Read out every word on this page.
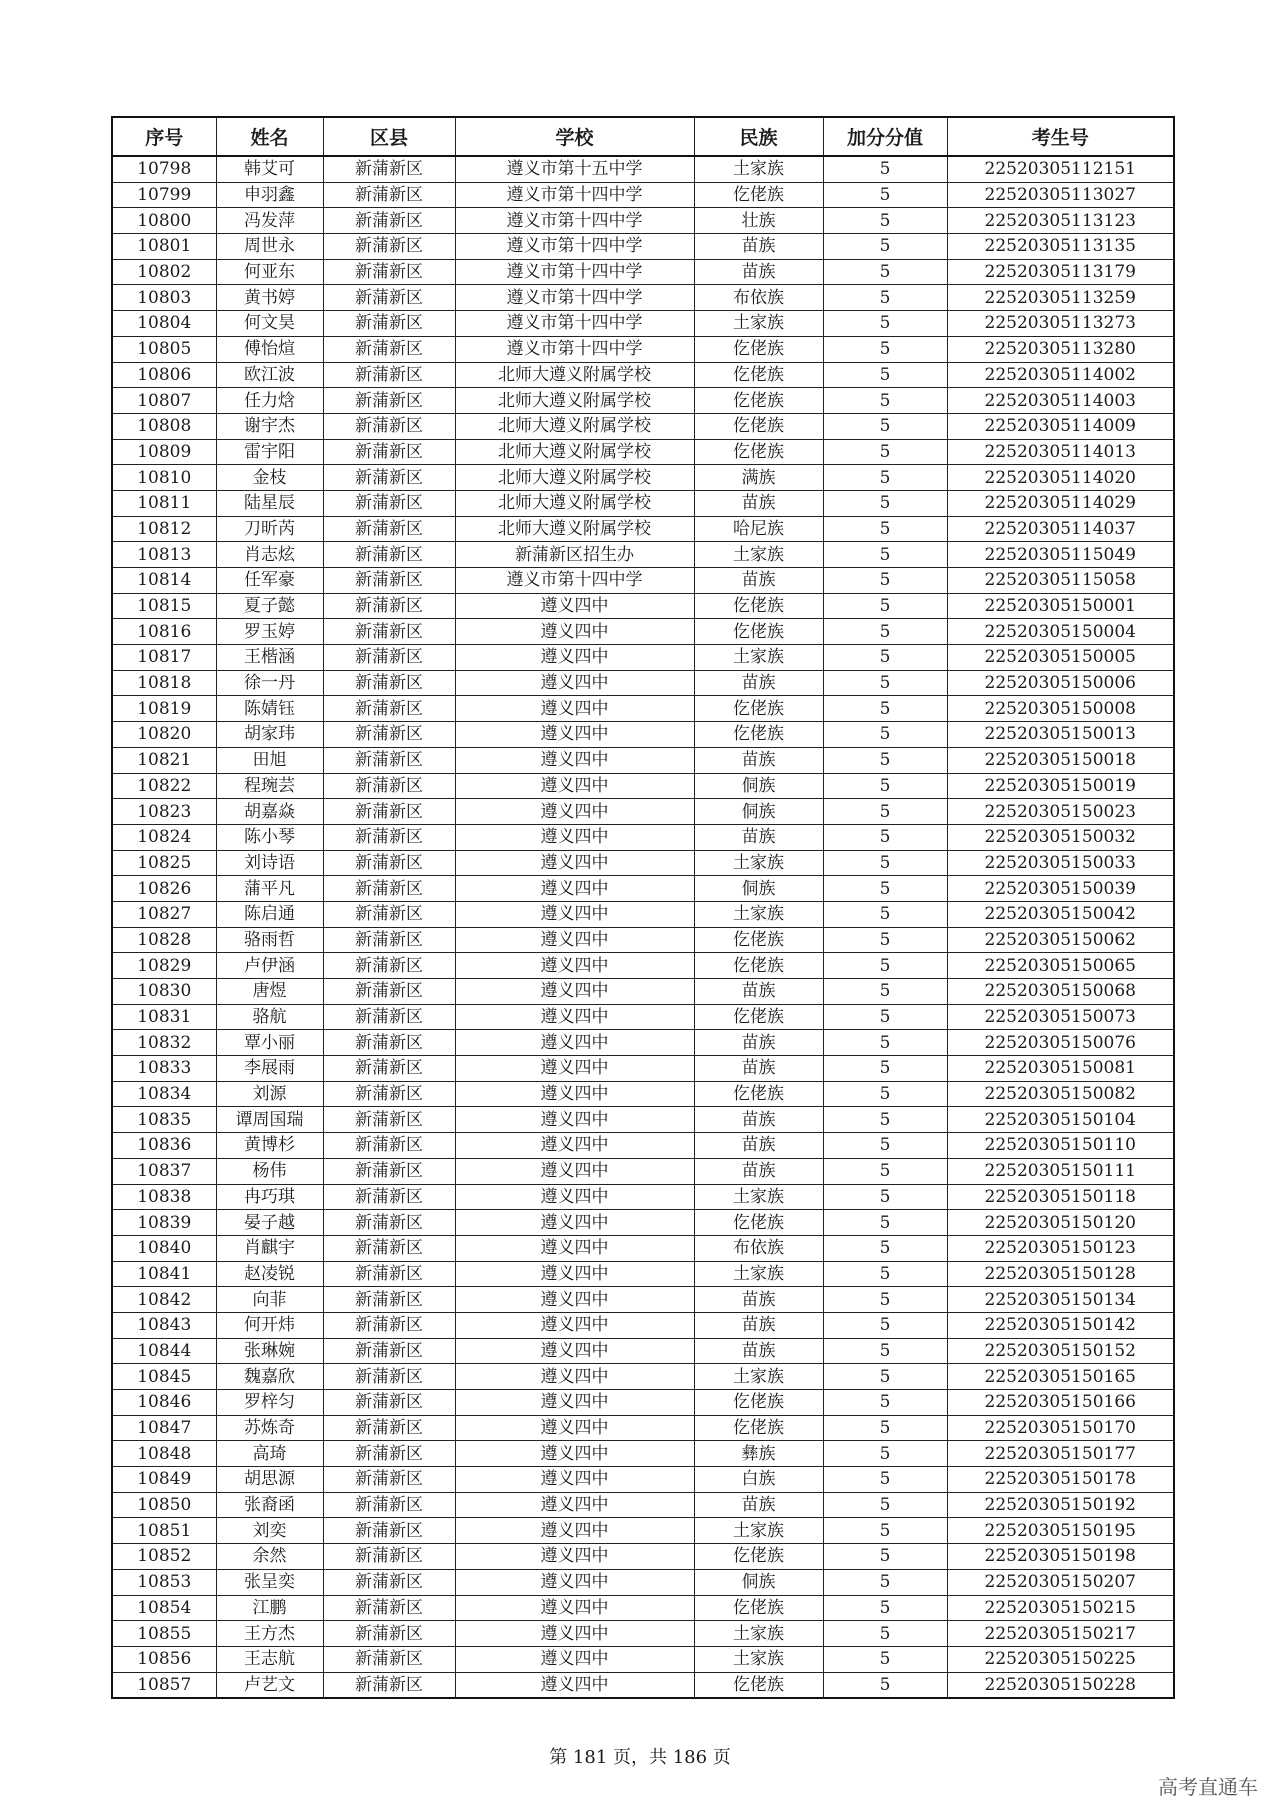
序号	姓名	区县	学校	民族	加分分值	考生号
10798	韩艾可	新蒲新区	遵义市第十五中学	土家族	5	22520305112151
10799	申羽鑫	新蒲新区	遵义市第十四中学	仡佬族	5	22520305113027
10800	冯发萍	新蒲新区	遵义市第十四中学	壮族	5	22520305113123
10801	周世永	新蒲新区	遵义市第十四中学	苗族	5	22520305113135
10802	何亚东	新蒲新区	遵义市第十四中学	苗族	5	22520305113179
10803	黄书婷	新蒲新区	遵义市第十四中学	布依族	5	22520305113259
10804	何文昊	新蒲新区	遵义市第十四中学	土家族	5	22520305113273
10805	傅怡煊	新蒲新区	遵义市第十四中学	仡佬族	5	22520305113280
10806	欧江波	新蒲新区	北师大遵义附属学校	仡佬族	5	22520305114002
10807	任力焓	新蒲新区	北师大遵义附属学校	仡佬族	5	22520305114003
10808	谢宇杰	新蒲新区	北师大遵义附属学校	仡佬族	5	22520305114009
10809	雷宇阳	新蒲新区	北师大遵义附属学校	仡佬族	5	22520305114013
10810	金枝	新蒲新区	北师大遵义附属学校	满族	5	22520305114020
10811	陆星辰	新蒲新区	北师大遵义附属学校	苗族	5	22520305114029
10812	刀昕芮	新蒲新区	北师大遵义附属学校	哈尼族	5	22520305114037
10813	肖志炫	新蒲新区	新蒲新区招生办	土家族	5	22520305115049
10814	任军豪	新蒲新区	遵义市第十四中学	苗族	5	22520305115058
10815	夏子懿	新蒲新区	遵义四中	仡佬族	5	22520305150001
10816	罗玉婷	新蒲新区	遵义四中	仡佬族	5	22520305150004
10817	王楷涵	新蒲新区	遵义四中	土家族	5	22520305150005
10818	徐一丹	新蒲新区	遵义四中	苗族	5	22520305150006
10819	陈婧钰	新蒲新区	遵义四中	仡佬族	5	22520305150008
10820	胡家玮	新蒲新区	遵义四中	仡佬族	5	22520305150013
10821	田旭	新蒲新区	遵义四中	苗族	5	22520305150018
10822	程琬芸	新蒲新区	遵义四中	侗族	5	22520305150019
10823	胡嘉焱	新蒲新区	遵义四中	侗族	5	22520305150023
10824	陈小琴	新蒲新区	遵义四中	苗族	5	22520305150032
10825	刘诗语	新蒲新区	遵义四中	土家族	5	22520305150033
10826	蒲平凡	新蒲新区	遵义四中	侗族	5	22520305150039
10827	陈启通	新蒲新区	遵义四中	土家族	5	22520305150042
10828	骆雨哲	新蒲新区	遵义四中	仡佬族	5	22520305150062
10829	卢伊涵	新蒲新区	遵义四中	仡佬族	5	22520305150065
10830	唐煜	新蒲新区	遵义四中	苗族	5	22520305150068
10831	骆航	新蒲新区	遵义四中	仡佬族	5	22520305150073
10832	覃小丽	新蒲新区	遵义四中	苗族	5	22520305150076
10833	李展雨	新蒲新区	遵义四中	苗族	5	22520305150081
10834	刘源	新蒲新区	遵义四中	仡佬族	5	22520305150082
10835	谭周国瑞	新蒲新区	遵义四中	苗族	5	22520305150104
10836	黄博杉	新蒲新区	遵义四中	苗族	5	22520305150110
10837	杨伟	新蒲新区	遵义四中	苗族	5	22520305150111
10838	冉巧琪	新蒲新区	遵义四中	土家族	5	22520305150118
10839	晏子越	新蒲新区	遵义四中	仡佬族	5	22520305150120
10840	肖麒宇	新蒲新区	遵义四中	布依族	5	22520305150123
10841	赵凌锐	新蒲新区	遵义四中	土家族	5	22520305150128
10842	向菲	新蒲新区	遵义四中	苗族	5	22520305150134
10843	何开炜	新蒲新区	遵义四中	苗族	5	22520305150142
10844	张琳婉	新蒲新区	遵义四中	苗族	5	22520305150152
10845	魏嘉欣	新蒲新区	遵义四中	土家族	5	22520305150165
10846	罗梓匀	新蒲新区	遵义四中	仡佬族	5	22520305150166
10847	苏炼奇	新蒲新区	遵义四中	仡佬族	5	22520305150170
10848	高琦	新蒲新区	遵义四中	彝族	5	22520305150177
10849	胡思源	新蒲新区	遵义四中	白族	5	22520305150178
10850	张裔函	新蒲新区	遵义四中	苗族	5	22520305150192
10851	刘奕	新蒲新区	遵义四中	土家族	5	22520305150195
10852	余然	新蒲新区	遵义四中	仡佬族	5	22520305150198
10853	张呈奕	新蒲新区	遵义四中	侗族	5	22520305150207
10854	江鹏	新蒲新区	遵义四中	仡佬族	5	22520305150215
10855	王方杰	新蒲新区	遵义四中	土家族	5	22520305150217
10856	王志航	新蒲新区	遵义四中	土家族	5	22520305150225
10857	卢艺文	新蒲新区	遵义四中	仡佬族	5	22520305150228
第 181 页，共 186 页
高考直通车
